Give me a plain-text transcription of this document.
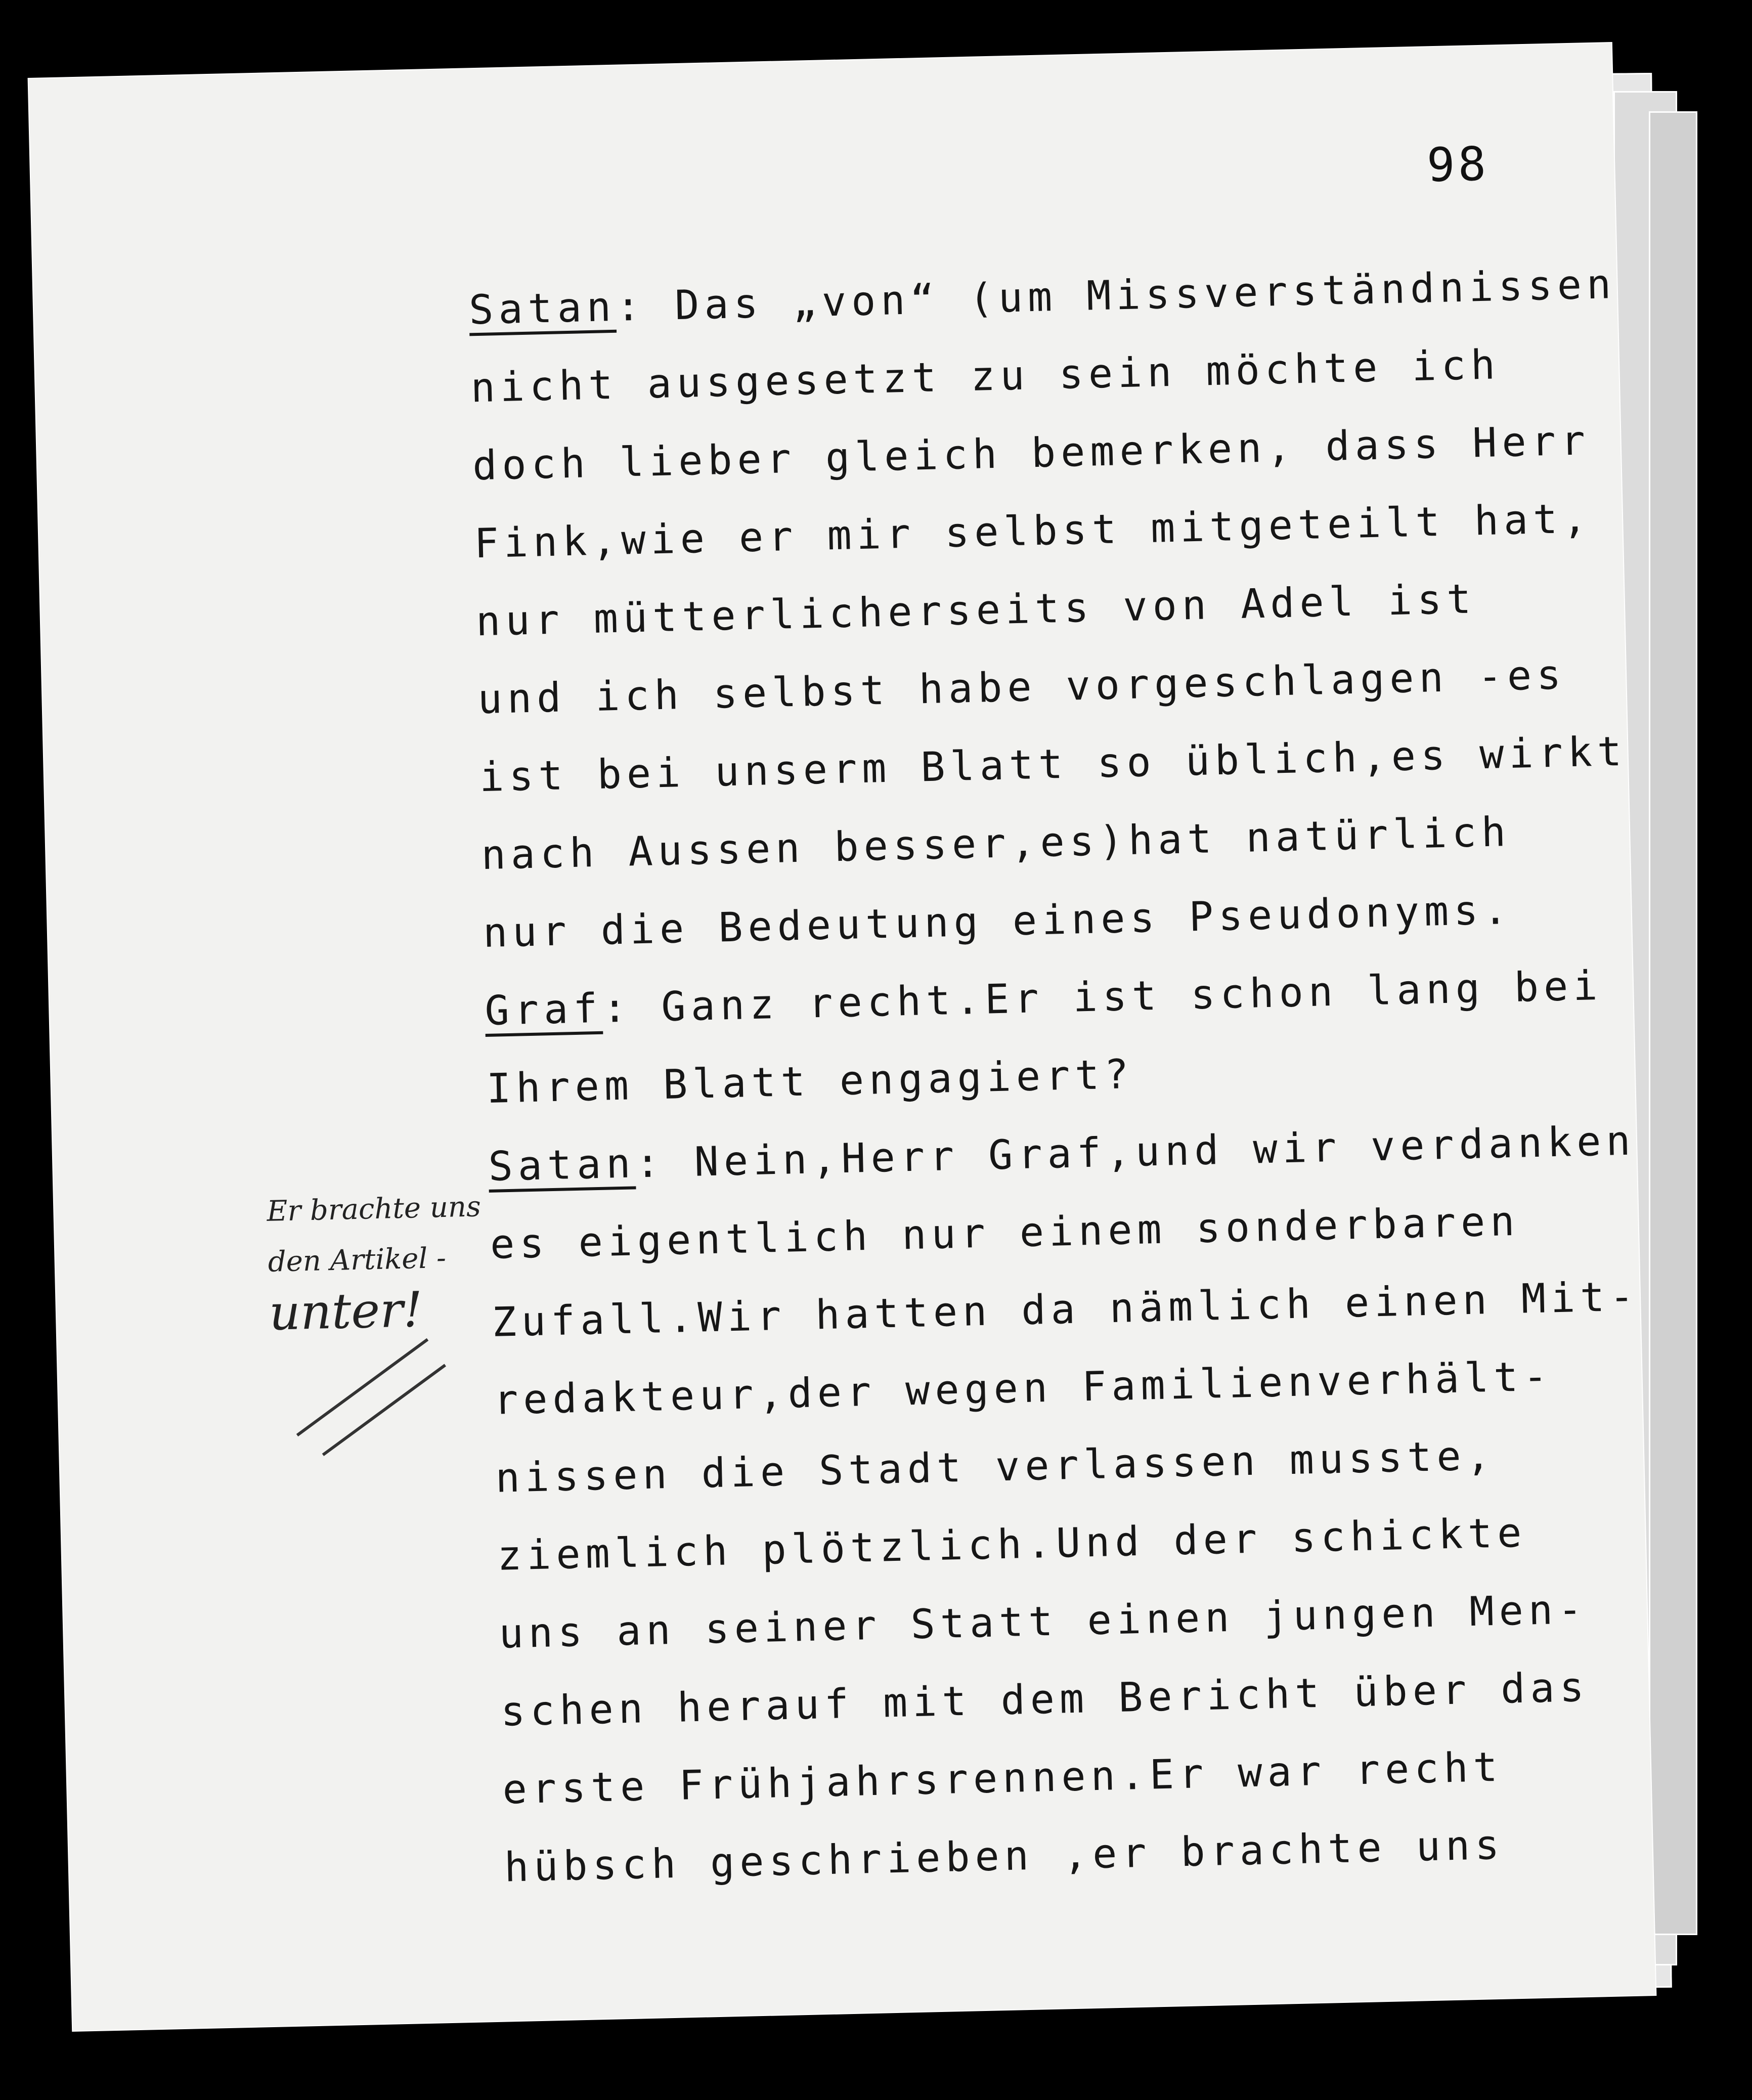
98
Satan: Das „von“ (um Missverständnissen
nicht ausgesetzt zu sein möchte ich
doch lieber gleich bemerken, dass Herr
Fink,wie er mir selbst mitgeteilt hat,
nur mütterlicherseits von Adel ist
und ich selbst habe vorgeschlagen -es
ist bei unserm Blatt so üblich,es wirkt
nach Aussen besser,es)hat natürlich
nur die Bedeutung eines Pseudonyms.
Graf: Ganz recht.Er ist schon lang bei
Ihrem Blatt engagiert?
Satan: Nein,Herr Graf,und wir verdanken
es eigentlich nur einem sonderbaren
Zufall.Wir hatten da nämlich einen Mit-
redakteur,der wegen Familienverhält-
nissen die Stadt verlassen musste,
ziemlich plötzlich.Und der schickte
uns an seiner Statt einen jungen Men-
schen herauf mit dem Bericht über das
erste Frühjahrsrennen.Er war recht
hübsch geschrieben ,er brachte uns
Er brachte uns
den Artikel -
unter!
